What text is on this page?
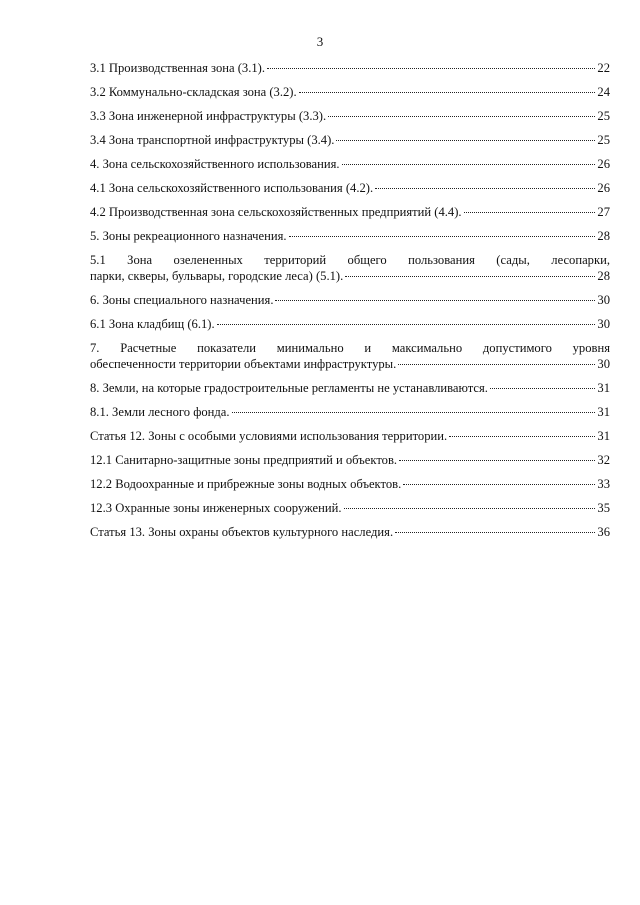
3
3.1 Производственная зона (3.1).	22
3.2 Коммунально-складская зона (3.2).	24
3.3 Зона инженерной инфраструктуры (3.3).	25
3.4 Зона транспортной инфраструктуры (3.4).	25
4. Зона сельскохозяйственного использования.	26
4.1 Зона сельскохозяйственного использования (4.2).	26
4.2 Производственная зона сельскохозяйственных предприятий (4.4).	27
5. Зоны рекреационного назначения.	28
5.1 Зона озелененных территорий общего пользования (сады, лесопарки,
парки, скверы, бульвары, городские леса) (5.1).	28
6. Зоны специального назначения.	30
6.1 Зона кладбищ (6.1).	30
7. Расчетные показатели минимально и максимально допустимого уровня
обеспеченности территории объектами инфраструктуры.	30
8. Земли, на которые градостроительные регламенты не устанавливаются.	31
8.1. Земли лесного фонда.	31
Статья 12. Зоны с особыми условиями использования территории.	31
12.1 Санитарно-защитные зоны предприятий и объектов.	32
12.2 Водоохранные и прибрежные зоны водных объектов.	33
12.3 Охранные зоны инженерных сооружений.	35
Статья 13. Зоны охраны объектов культурного наследия.	36
